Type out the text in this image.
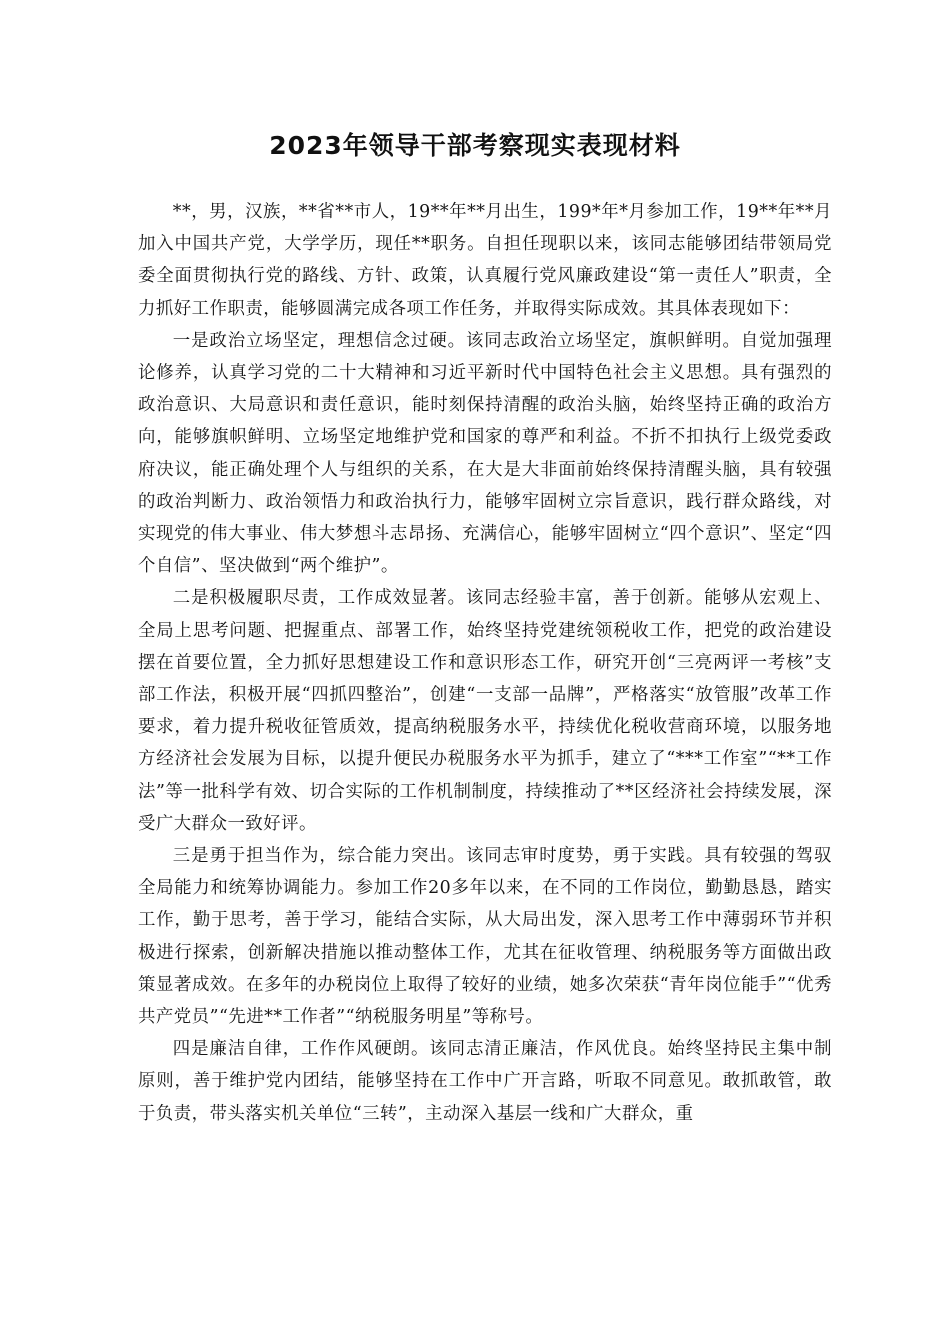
2023年领导干部考察现实表现材料

**，男，汉族，**省**市人，19**年**月出生，199*年*月参加工作，19**年**月加入中国共产党，大学学历，现任**职务。自担任现职以来，该同志能够团结带领局党委全面贯彻执行党的路线、方针、政策，认真履行党风廉政建设“第一责任人”职责，全力抓好工作职责，能够圆满完成各项工作任务，并取得实际成效。其具体表现如下：

一是政治立场坚定，理想信念过硬。该同志政治立场坚定，旗帜鲜明。自觉加强理论修养，认真学习党的二十大精神和习近平新时代中国特色社会主义思想。具有强烈的政治意识、大局意识和责任意识，能时刻保持清醒的政治头脑，始终坚持正确的政治方向，能够旗帜鲜明、立场坚定地维护党和国家的尊严和利益。不折不扣执行上级党委政府决议，能正确处理个人与组织的关系，在大是大非面前始终保持清醒头脑，具有较强的政治判断力、政治领悟力和政治执行力，能够牢固树立宗旨意识，践行群众路线，对实现党的伟大事业、伟大梦想斗志昂扬、充满信心，能够牢固树立“四个意识”、坚定“四个自信”、坚决做到“两个维护”。

二是积极履职尽责，工作成效显著。该同志经验丰富，善于创新。能够从宏观上、全局上思考问题、把握重点、部署工作，始终坚持党建统领税收工作，把党的政治建设摆在首要位置，全力抓好思想建设工作和意识形态工作，研究开创“三亮两评一考核”支部工作法，积极开展“四抓四整治”，创建“一支部一品牌”，严格落实“放管服”改革工作要求，着力提升税收征管质效，提高纳税服务水平，持续优化税收营商环境，以服务地方经济社会发展为目标，以提升便民办税服务水平为抓手，建立了“***工作室”“**工作法”等一批科学有效、切合实际的工作机制制度，持续推动了**区经济社会持续发展，深受广大群众一致好评。

三是勇于担当作为，综合能力突出。该同志审时度势，勇于实践。具有较强的驾驭全局能力和统筹协调能力。参加工作20多年以来，在不同的工作岗位，勤勤恳恳，踏实工作，勤于思考，善于学习，能结合实际，从大局出发，深入思考工作中薄弱环节并积极进行探索，创新解决措施以推动整体工作，尤其在征收管理、纳税服务等方面做出政策显著成效。在多年的办税岗位上取得了较好的业绩，她多次荣获“青年岗位能手”“优秀共产党员”“先进**工作者”“纳税服务明星”等称号。

四是廉洁自律，工作作风硬朗。该同志清正廉洁，作风优良。始终坚持民主集中制原则，善于维护党内团结，能够坚持在工作中广开言路，听取不同意见。敢抓敢管，敢于负责，带头落实机关单位“三转”，主动深入基层一线和广大群众，重
